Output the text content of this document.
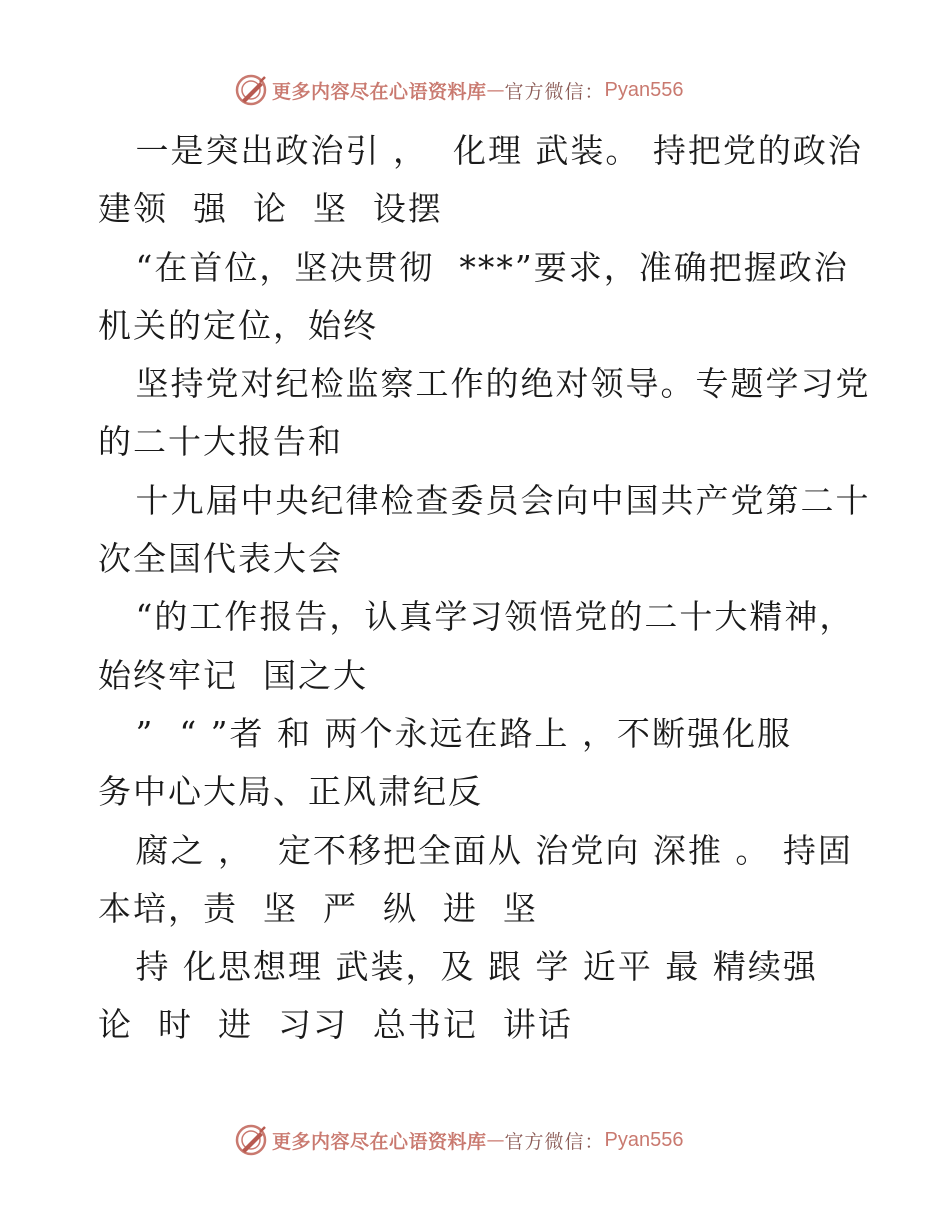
更多内容尽在心语资料库 — 官方微信： Pyan556
一是突出政治引 ，  化理 武装。 持把党的政治
建领  强  论  坚  设摆
“在首位，坚决贯彻  ***”要求，准确把握政治
机关的定位，始终
坚持党对纪检监察工作的绝对领导。专题学习党
的二十大报告和
十九届中央纪律检查委员会向中国共产党第二十
次全国代表大会
“的工作报告，认真学习领悟党的二十大精神，
始终牢记  国之大
”  “ ”者 和 两个永远在路上 ，不断强化服
务中心大局、正风肃纪反
腐之 ，  定不移把全面从 治党向 深推 。 持固
本培，责  坚  严  纵  进  坚
持 化思想理 武装，及 跟 学 近平 最 精续强
论  时  进  习习  总书记  讲话
更多内容尽在心语资料库 — 官方微信： Pyan556
